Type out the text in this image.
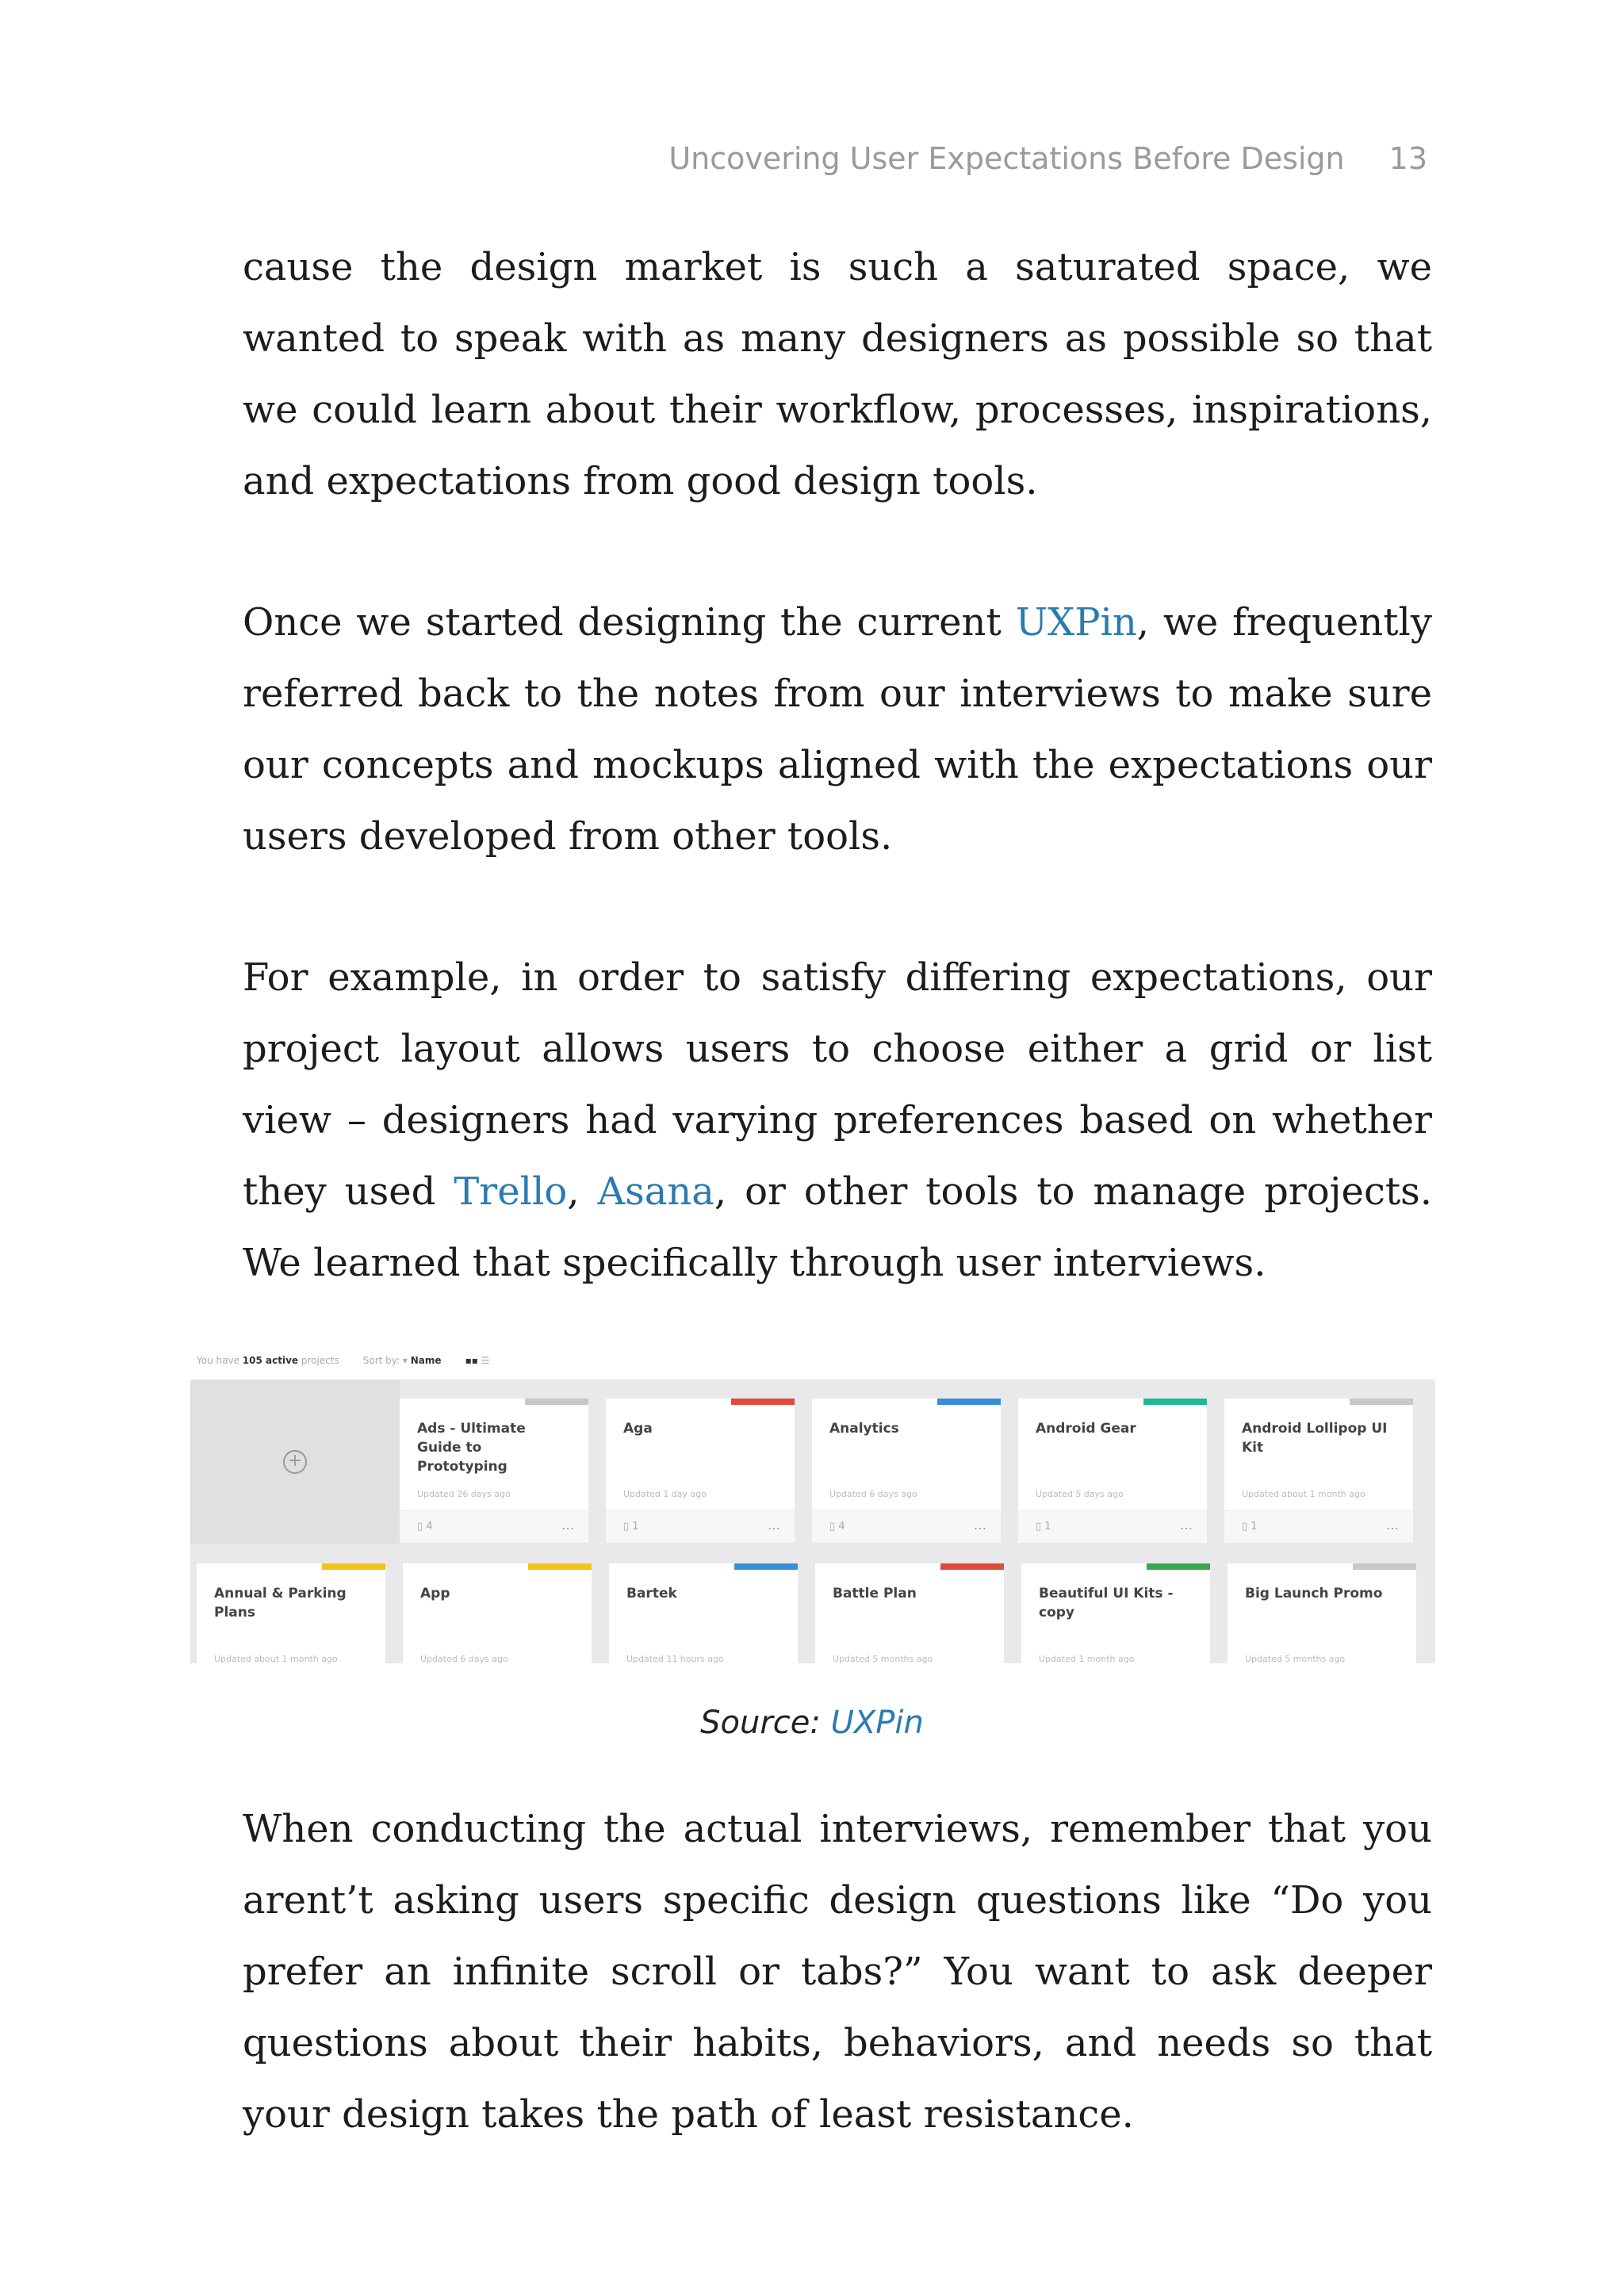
Uncovering User Expectations Before Design 13

cause the design market is such a saturated space, we wanted to speak with as many designers as possible so that we could learn about their workflow, processes, inspirations, and expectations from good design tools.

Once we started designing the current UXPin, we frequently referred back to the notes from our interviews to make sure our concepts and mockups aligned with the expectations our users developed from other tools.

For example, in order to satisfy differing expectations, our project layout allows users to choose either a grid or list view – designers had varying preferences based on whether they used Trello, Asana, or other tools to manage projects. We learned that specifically through user interviews.

You have 105 active projects	Sort by: ▾ Name	▪▪ ☰
+
Ads - Ultimate Guide to Prototyping
Updated 26 days ago
▯ 4	…
Aga
Updated 1 day ago
▯ 1	…
Analytics
Updated 6 days ago
▯ 4	…
Android Gear
Updated 5 days ago
▯ 1	…
Android Lollipop UI Kit
Updated about 1 month ago
▯ 1	…
Annual & Parking Plans
Updated about 1 month ago
App
Updated 6 days ago
Bartek
Updated 11 hours ago
Battle Plan
Updated 5 months ago
Beautiful UI Kits - copy
Updated 1 month ago
Big Launch Promo
Updated 5 months ago
Source: UXPin

When conducting the actual interviews, remember that you arent’t asking users specific design questions like “Do you prefer an infinite scroll or tabs?” You want to ask deeper questions about their habits, behaviors, and needs so that your design takes the path of least resistance.
